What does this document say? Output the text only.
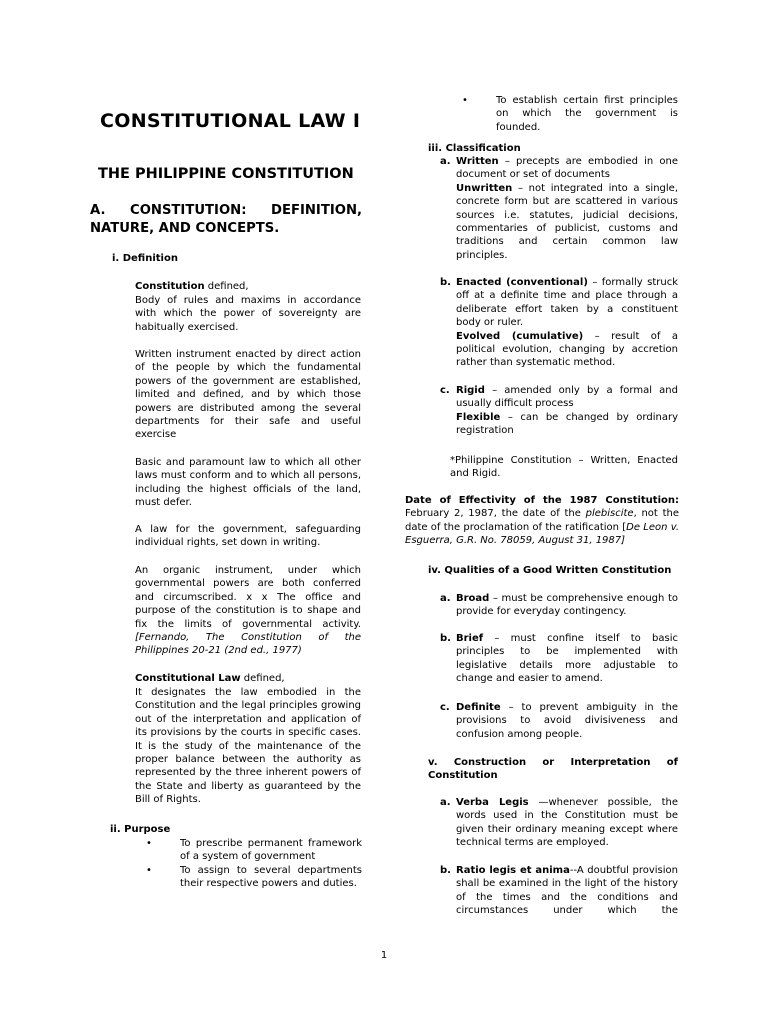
CONSTITUTIONAL LAW I
THE PHILIPPINE CONSTITUTION
A. CONSTITUTION: DEFINITION, NATURE, AND CONCEPTS.
i. Definition
Constitution defined,
Body of rules and maxims in accordance with which the power of sovereignty are habitually exercised.
Written instrument enacted by direct action of the people by which the fundamental powers of the government are established, limited and defined, and by which those powers are distributed among the several departments for their safe and useful exercise
Basic and paramount law to which all other laws must conform and to which all persons, including the highest officials of the land, must defer.
A law for the government, safeguarding individual rights, set down in writing.
An organic instrument, under which governmental powers are both conferred and circumscribed. x x The office and purpose of the constitution is to shape and fix the limits of governmental activity. [Fernando, The Constitution of the Philippines 20-21 (2nd ed., 1977)
Constitutional Law defined,
It designates the law embodied in the Constitution and the legal principles growing out of the interpretation and application of its provisions by the courts in specific cases. It is the study of the maintenance of the proper balance between the authority as represented by the three inherent powers of the State and liberty as guaranteed by the Bill of Rights.
ii. Purpose
•	To prescribe permanent framework of a system of government
•	To assign to several departments their respective powers and duties.
•	To establish certain first principles on which the government is founded.
iii. Classification
a. Written – precepts are embodied in one document or set of documents
Unwritten – not integrated into a single, concrete form but are scattered in various sources i.e. statutes, judicial decisions, commentaries of publicist, customs and traditions and certain common law principles.
b. Enacted (conventional) – formally struck off at a definite time and place through a deliberate effort taken by a constituent body or ruler.
Evolved (cumulative) – result of a political evolution, changing by accretion rather than systematic method.
c. Rigid – amended only by a formal and usually difficult process
Flexible – can be changed by ordinary registration
*Philippine Constitution – Written, Enacted and Rigid.
Date of Effectivity of the 1987 Constitution: February 2, 1987, the date of the plebiscite, not the date of the proclamation of the ratification [De Leon v. Esguerra, G.R. No. 78059, August 31, 1987]
iv. Qualities of a Good Written Constitution
a. Broad – must be comprehensive enough to provide for everyday contingency.
b. Brief – must confine itself to basic principles to be implemented with legislative details more adjustable to change and easier to amend.
c. Definite – to prevent ambiguity in the provisions to avoid divisiveness and confusion among people.
v. Construction or Interpretation of Constitution
a. Verba Legis —whenever possible, the words used in the Constitution must be given their ordinary meaning except where technical terms are employed.
b. Ratio legis et anima--A doubtful provision shall be examined in the light of the history of the times and the conditions and circumstances under which the
1
